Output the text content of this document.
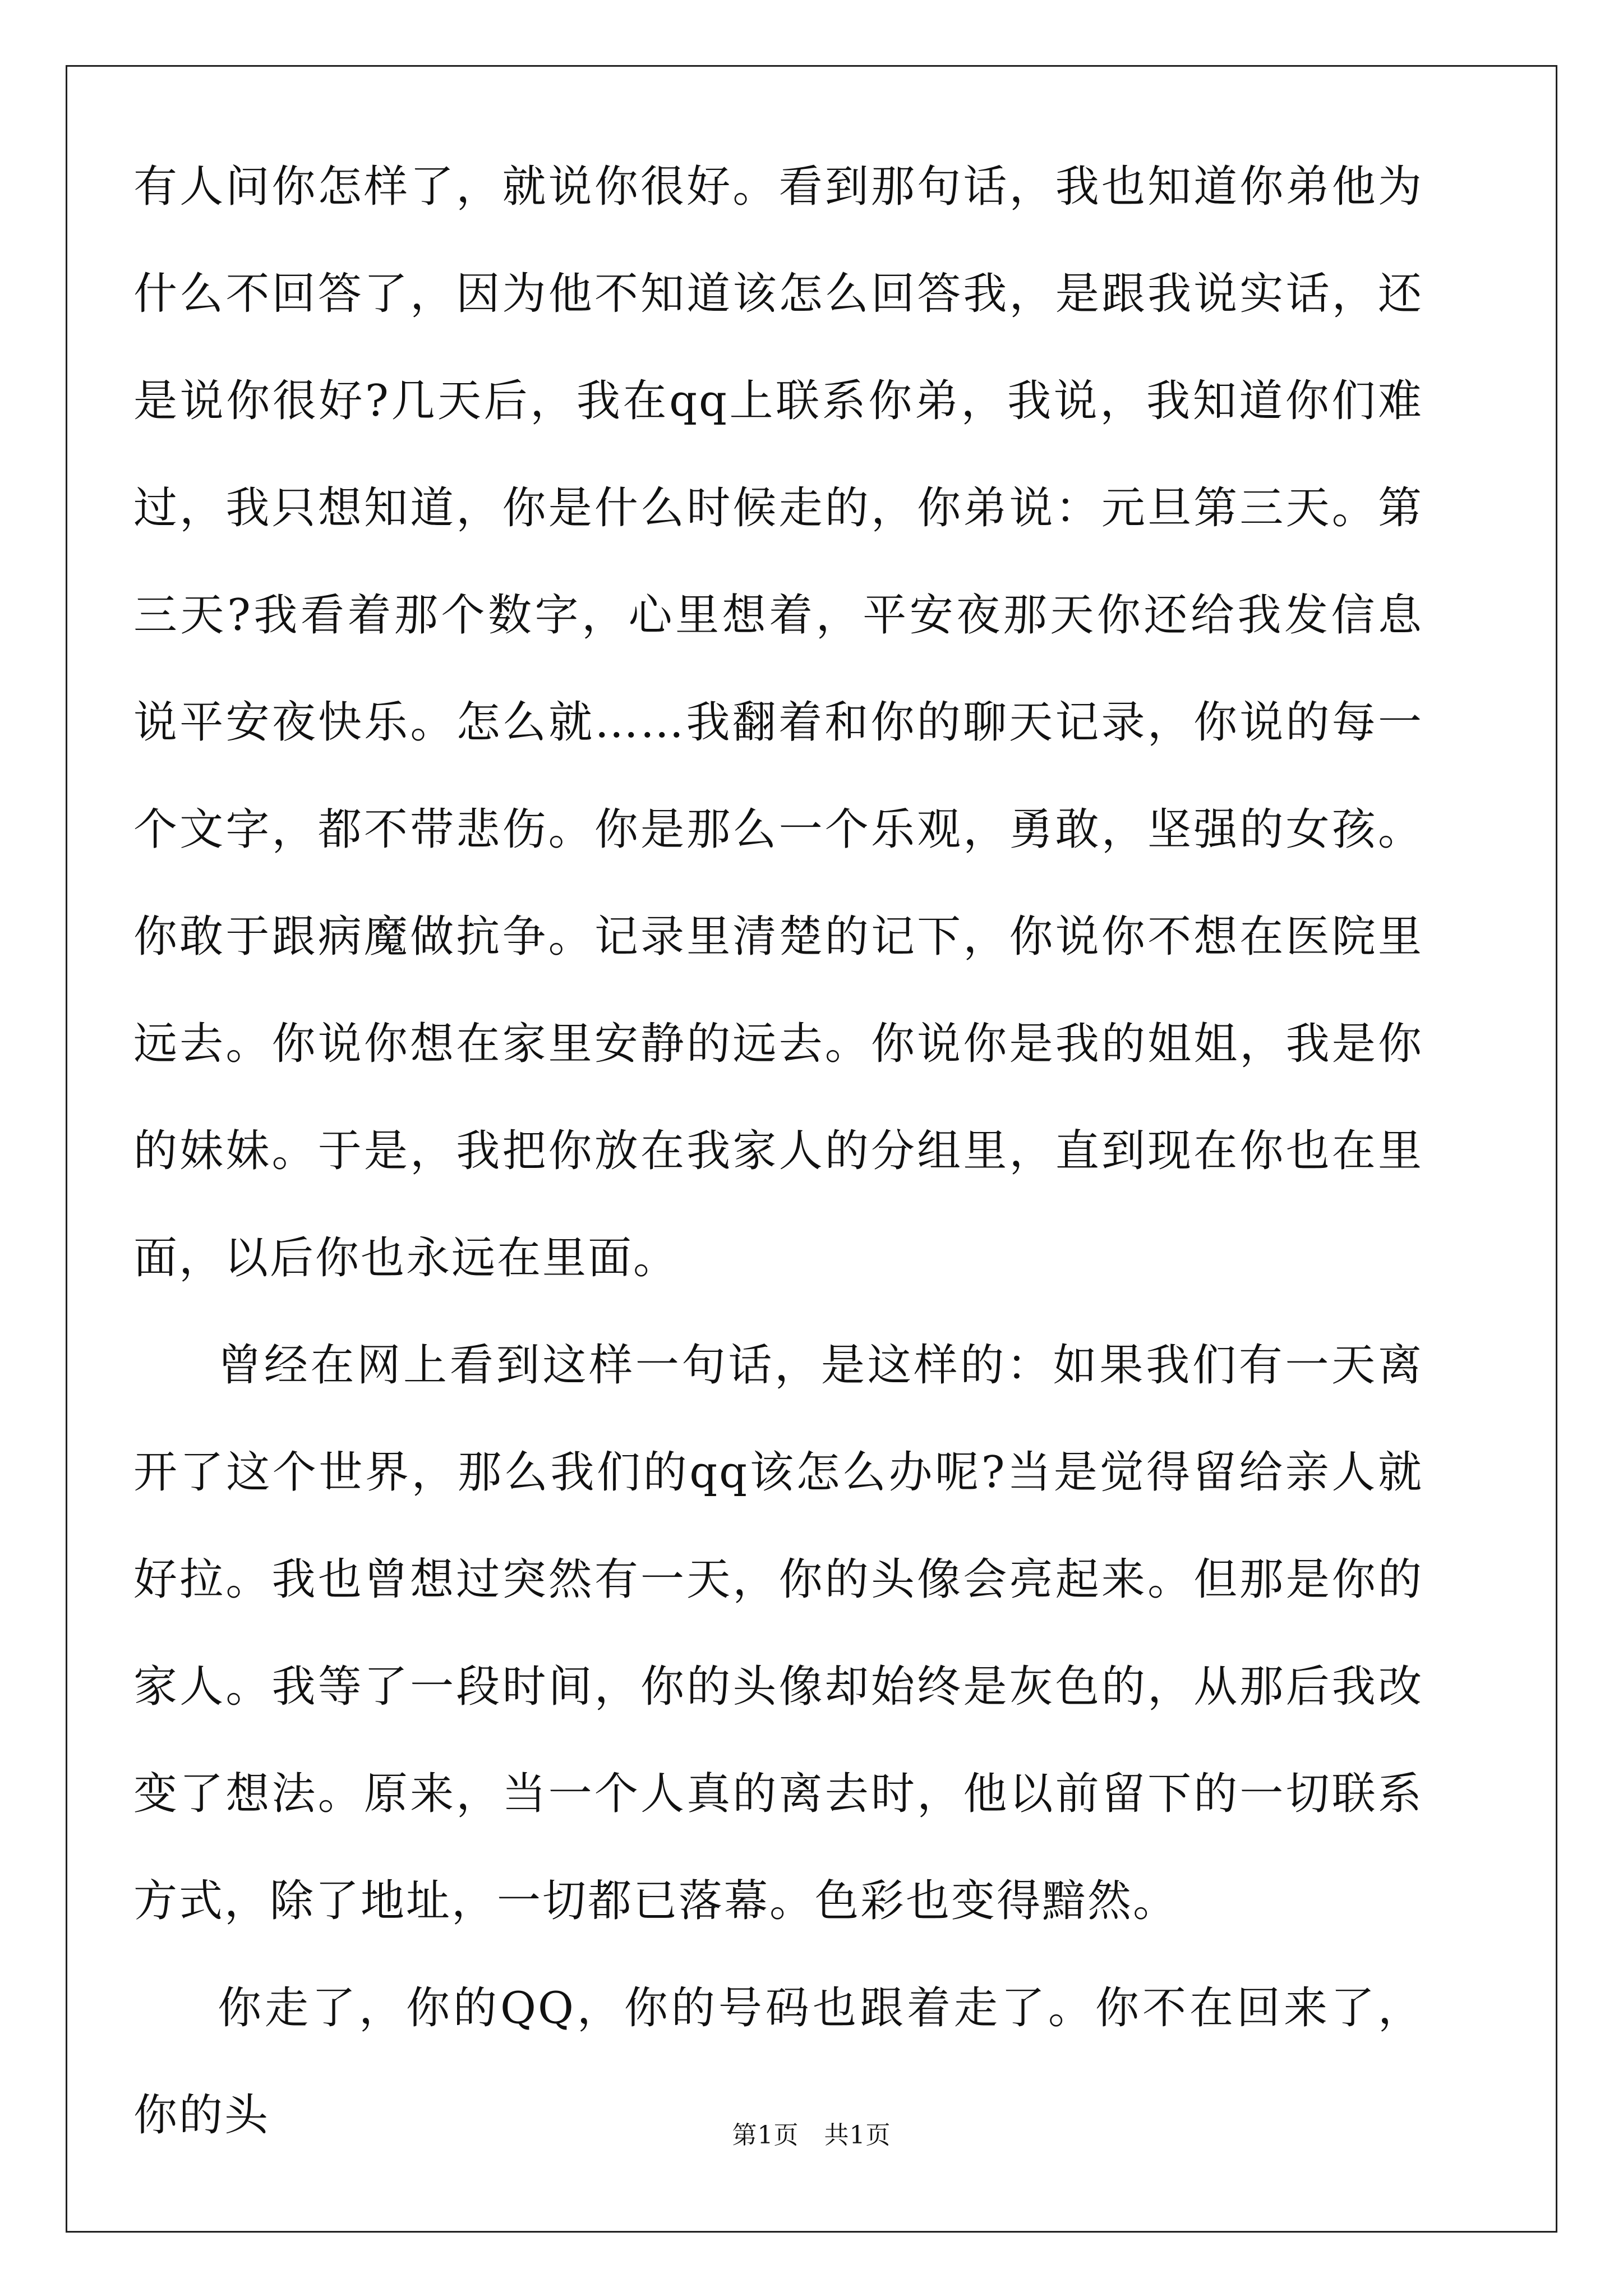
有人问你怎样了，就说你很好。看到那句话，我也知道你弟他为什么不回答了，因为他不知道该怎么回答我，是跟我说实话，还是说你很好?几天后，我在qq上联系你弟，我说，我知道你们难过，我只想知道，你是什么时候走的，你弟说：元旦第三天。第三天?我看着那个数字，心里想着，平安夜那天你还给我发信息说平安夜快乐。怎么就……我翻着和你的聊天记录，你说的每一个文字，都不带悲伤。你是那么一个乐观，勇敢，坚强的女孩。你敢于跟病魔做抗争。记录里清楚的记下，你说你不想在医院里远去。你说你想在家里安静的远去。你说你是我的姐姐，我是你的妹妹。于是，我把你放在我家人的分组里，直到现在你也在里面，以后你也永远在里面。

曾经在网上看到这样一句话，是这样的：如果我们有一天离开了这个世界，那么我们的qq该怎么办呢?当是觉得留给亲人就好拉。我也曾想过突然有一天，你的头像会亮起来。但那是你的家人。我等了一段时间，你的头像却始终是灰色的，从那后我改变了想法。原来，当一个人真的离去时，他以前留下的一切联系方式，除了地址，一切都已落幕。色彩也变得黯然。

你走了，你的QQ，你的号码也跟着走了。你不在回来了，你的头	第1页 共1页
